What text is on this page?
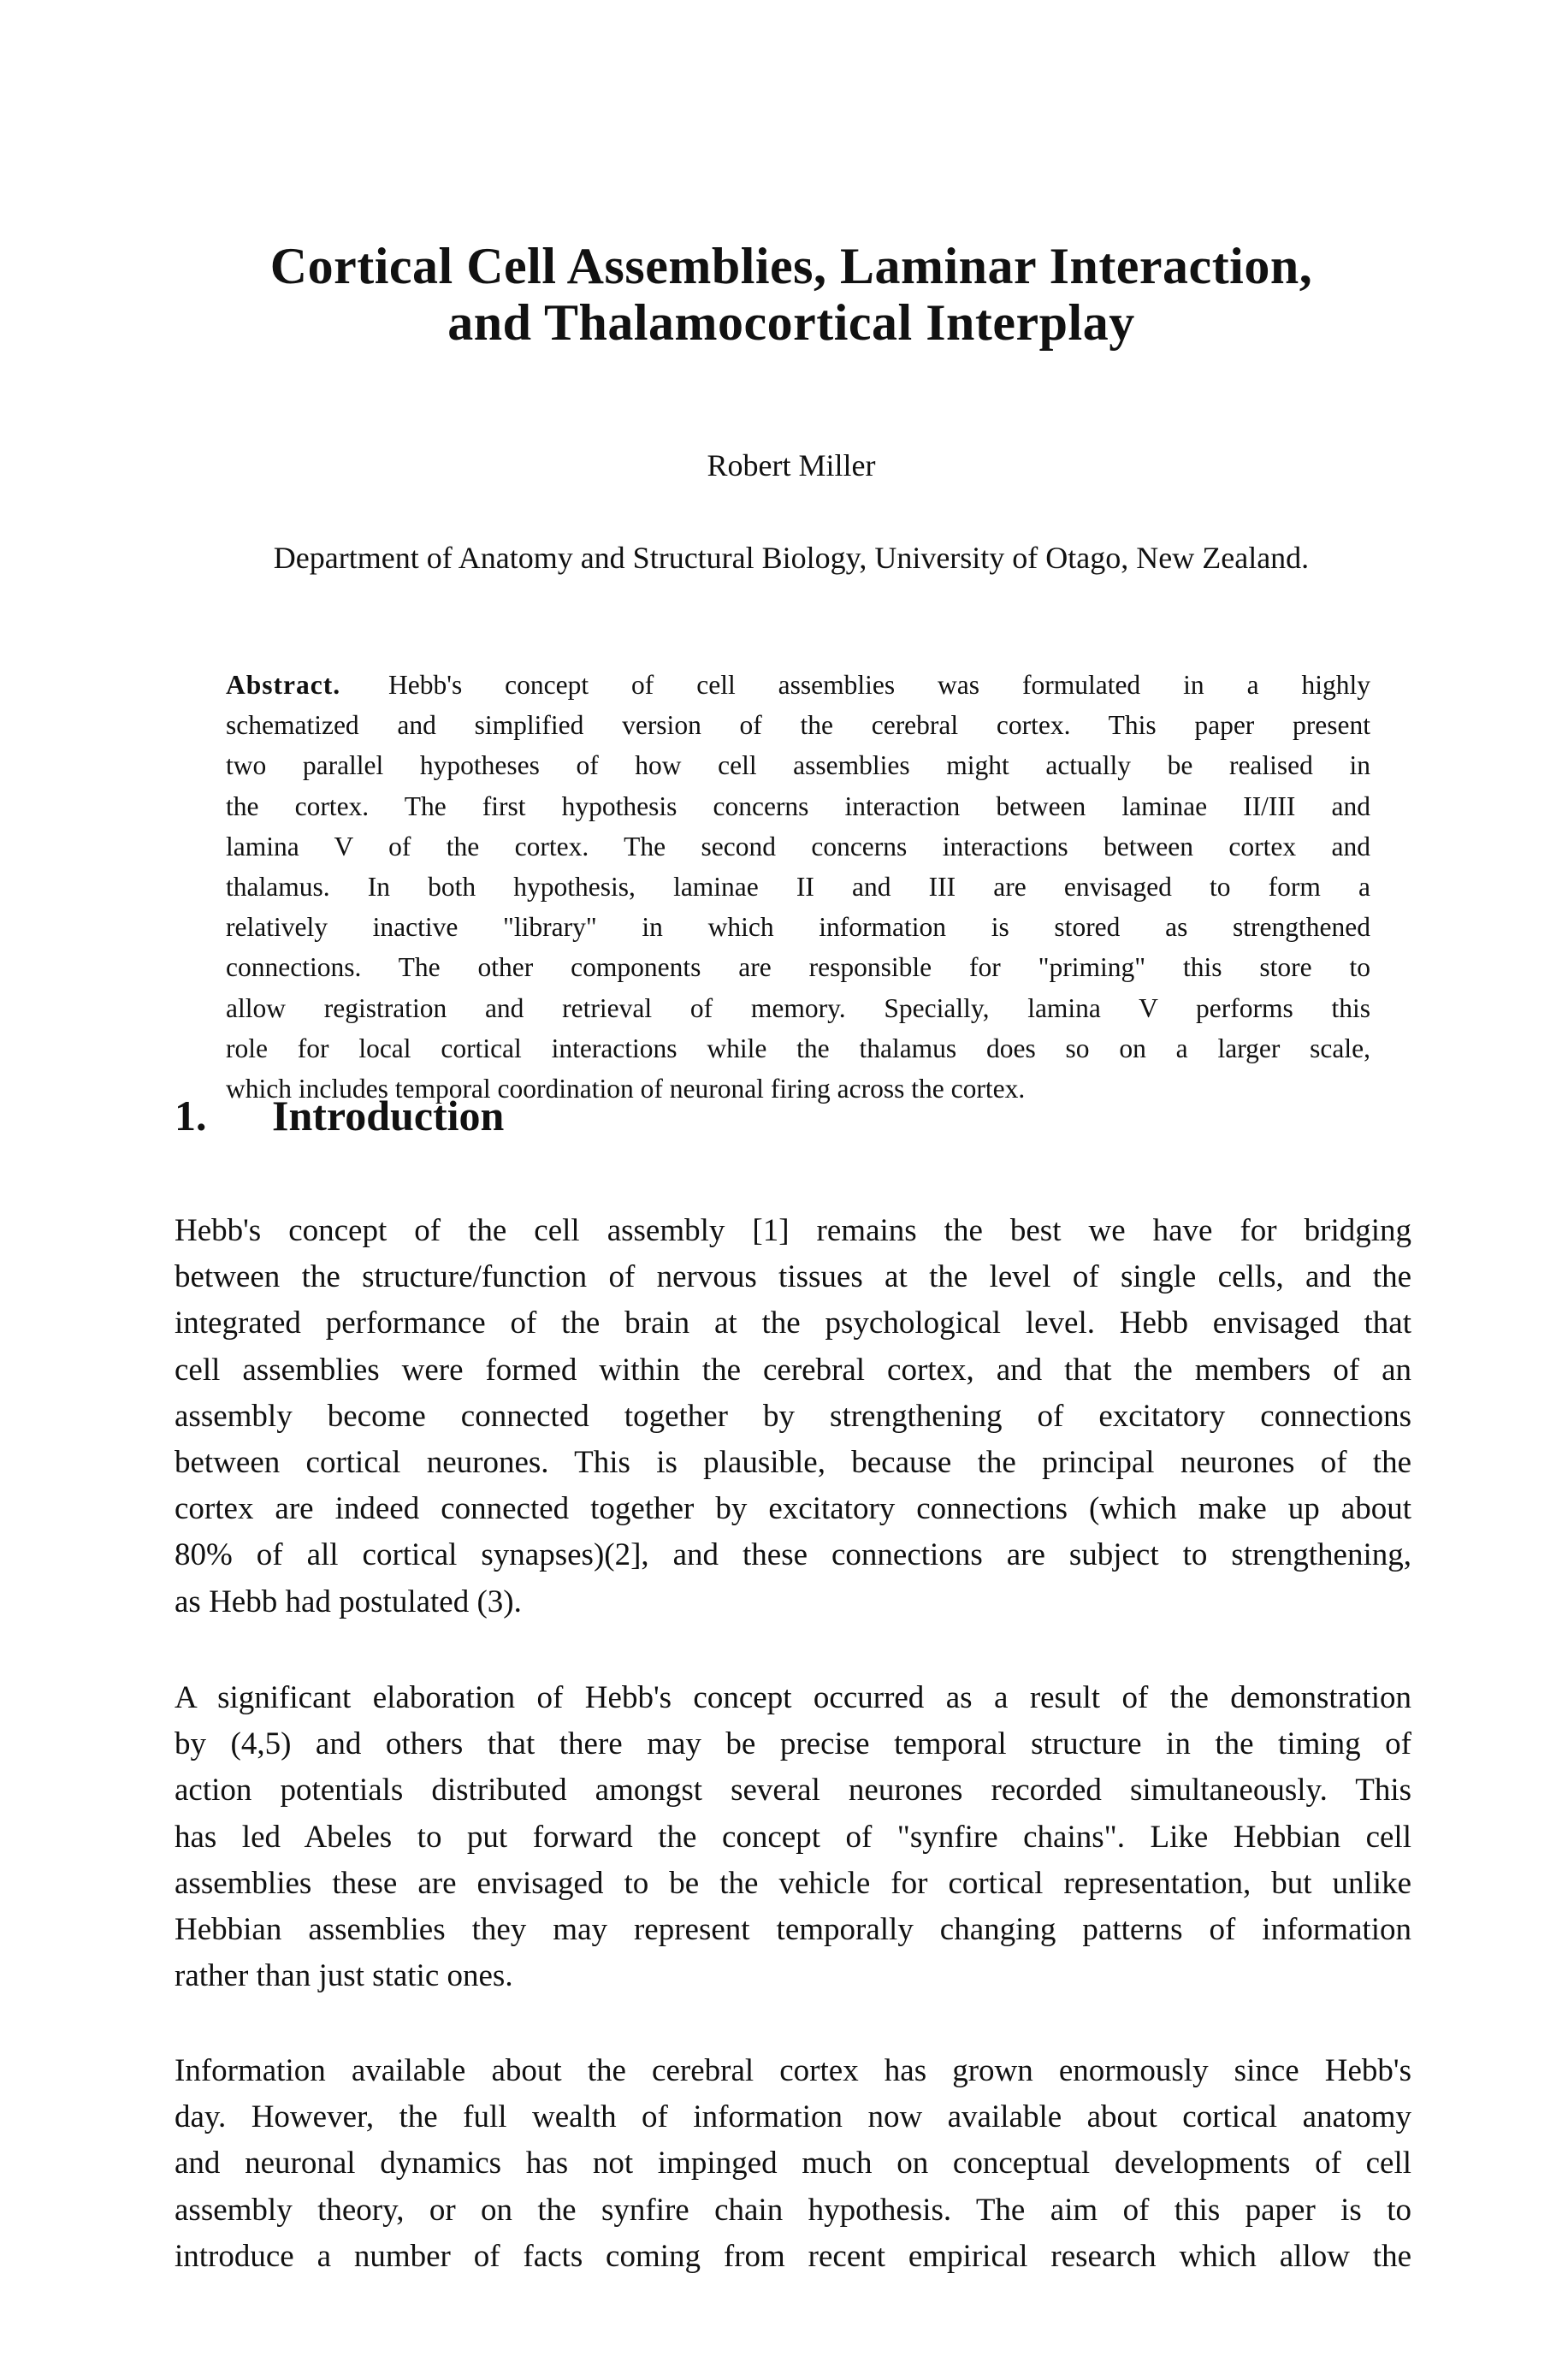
Cortical Cell Assemblies, Laminar Interaction,
and Thalamocortical Interplay
Robert Miller
Department of Anatomy and Structural Biology, University of Otago, New Zealand.
Abstract. Hebb's concept of cell assemblies was formulated in a highly
schematized and simplified version of the cerebral cortex. This paper present
two parallel hypotheses of how cell assemblies might actually be realised in
the cortex. The first hypothesis concerns interaction between laminae II/III and
lamina V of the cortex. The second concerns interactions between cortex and
thalamus. In both hypothesis, laminae II and III are envisaged to form a
relatively inactive "library" in which information is stored as strengthened
connections. The other components are responsible for "priming" this store to
allow registration and retrieval of memory. Specially, lamina V performs this
role for local cortical interactions while the thalamus does so on a larger scale,
which includes temporal coordination of neuronal firing across the cortex.
1. Introduction
Hebb's concept of the cell assembly [1] remains the best we have for bridging
between the structure/function of nervous tissues at the level of single cells, and the
integrated performance of the brain at the psychological level. Hebb envisaged that
cell assemblies were formed within the cerebral cortex, and that the members of an
assembly become connected together by strengthening of excitatory connections
between cortical neurones. This is plausible, because the principal neurones of the
cortex are indeed connected together by excitatory connections (which make up about
80% of all cortical synapses)(2], and these connections are subject to strengthening,
as Hebb had postulated (3).
A significant elaboration of Hebb's concept occurred as a result of the demonstration
by (4,5) and others that there may be precise temporal structure in the timing of
action potentials distributed amongst several neurones recorded simultaneously. This
has led Abeles to put forward the concept of "synfire chains". Like Hebbian cell
assemblies these are envisaged to be the vehicle for cortical representation, but unlike
Hebbian assemblies they may represent temporally changing patterns of information
rather than just static ones.
Information available about the cerebral cortex has grown enormously since Hebb's
day. However, the full wealth of information now available about cortical anatomy
and neuronal dynamics has not impinged much on conceptual developments of cell
assembly theory, or on the synfire chain hypothesis. The aim of this paper is to
introduce a number of facts coming from recent empirical research which allow the
